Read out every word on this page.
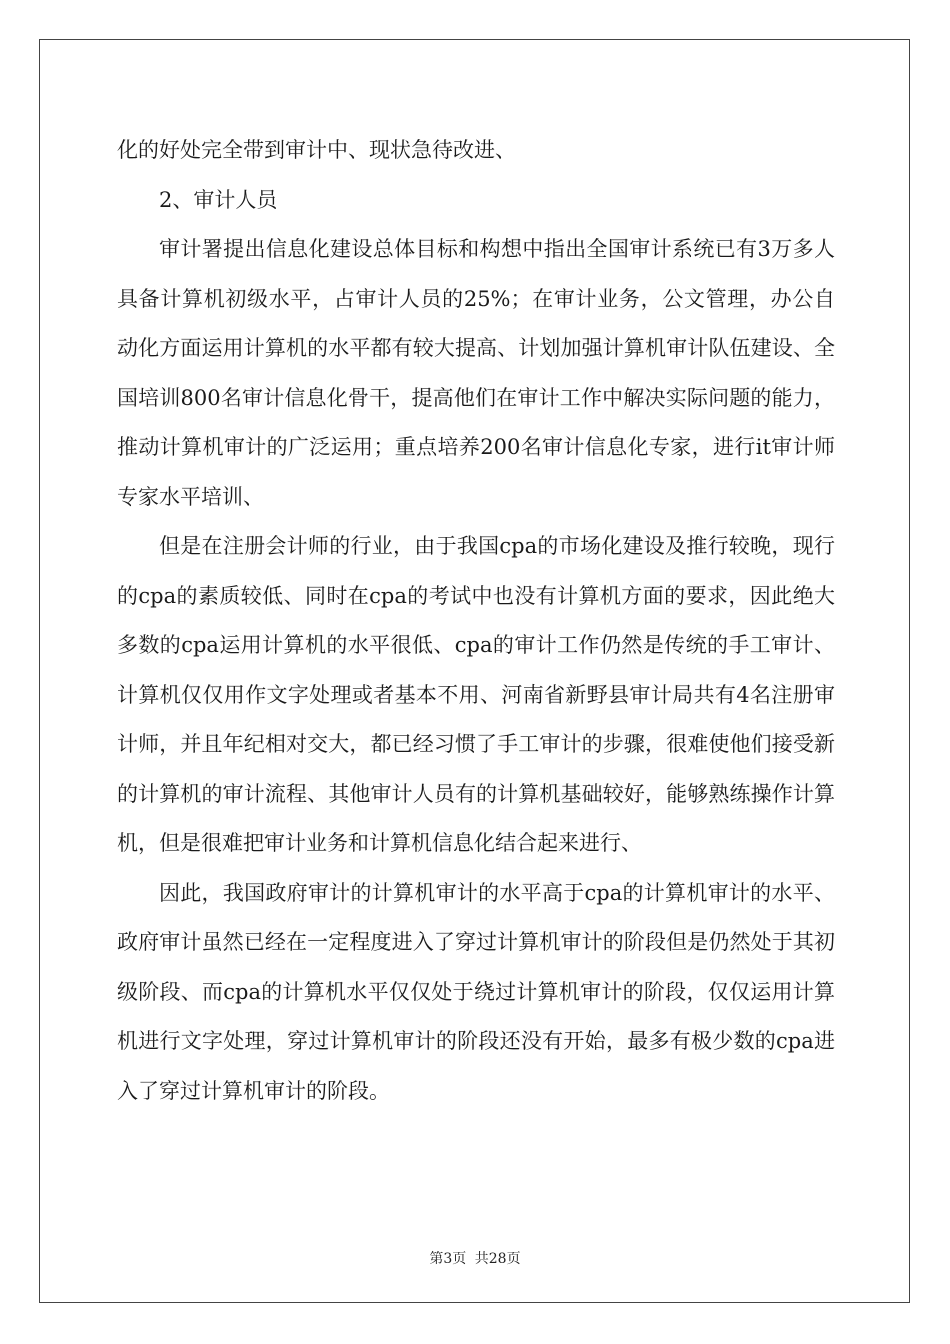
化的好处完全带到审计中、现状急待改进、

2、审计人员

审计署提出信息化建设总体目标和构想中指出全国审计系统已有3万多人具备计算机初级水平，占审计人员的25%；在审计业务，公文管理，办公自动化方面运用计算机的水平都有较大提高、计划加强计算机审计队伍建设、全国培训800名审计信息化骨干，提高他们在审计工作中解决实际问题的能力，推动计算机审计的广泛运用；重点培养200名审计信息化专家，进行it审计师专家水平培训、

但是在注册会计师的行业，由于我国cpa的市场化建设及推行较晚，现行的cpa的素质较低、同时在cpa的考试中也没有计算机方面的要求，因此绝大多数的cpa运用计算机的水平很低、cpa的审计工作仍然是传统的手工审计、计算机仅仅用作文字处理或者基本不用、河南省新野县审计局共有4名注册审计师，并且年纪相对交大，都已经习惯了手工审计的步骤，很难使他们接受新的计算机的审计流程、其他审计人员有的计算机基础较好，能够熟练操作计算机，但是很难把审计业务和计算机信息化结合起来进行、

因此，我国政府审计的计算机审计的水平高于cpa的计算机审计的水平、政府审计虽然已经在一定程度进入了穿过计算机审计的阶段但是仍然处于其初级阶段、而cpa的计算机水平仅仅处于绕过计算机审计的阶段，仅仅运用计算机进行文字处理，穿过计算机审计的阶段还没有开始，最多有极少数的cpa进入了穿过计算机审计的阶段。

第3页 共28页
